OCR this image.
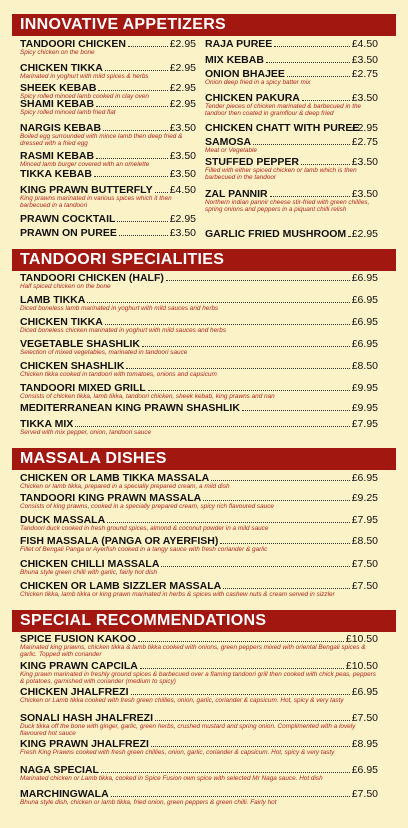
INNOVATIVE APPETIZERS
TANDOORI SPECIALITIES
MASSALA DISHES
SPECIAL RECOMMENDATIONS
TANDOORI CHICKEN	£2.95
Spicy chicken on the bone
CHICKEN TIKKA	£2.95
Marinated in yoghurt with mild spices & herbs
SHEEK KEBAB	£2.95
Spicy rolled minced lamb cooked in clay oven
SHAMI KEBAB	£2.95
Spicy rolled minced lamb fried flat
NARGIS KEBAB	£3.50
Boiled egg surrounded with mince lamb then deep fried & dressed with a fried egg
RASMI KEBAB	£3.50
Minced lamb burger covered with an omelette
TIKKA KEBAB	£3.50
KING PRAWN BUTTERFLY £4.50
King prawns marinated in various spices which it then barbecued in a tandoori
PRAWN COCKTAIL	£2.95
PRAWN ON PUREE	£3.50
RAJA PUREE	£4.50
MIX KEBAB	£3.50
ONION BHAJEE	£2.75
Onion deep fried in a spicy batter mix
CHICKEN PAKURA	£3.50
Tender pieces of chicken marinated & barbecued in the tandoor then coated in gramflour & deep fried
CHICKEN CHATT WITH PUREE
£2.95
SAMOSA	£2.75
Meat or Vegetable
STUFFED PEPPER	£3.50
Filled with either spiced chicken or lamb which is then barbecued in the tandoor
ZAL PANNIR	£3.50
Northern indian pannir cheese stir-fried with green chillies, spring onions and peppers in a piquant chilli relish
GARLIC FRIED MUSHROOM £2.95
TANDOORI CHICKEN (HALF)	£6.95
Half spiced chicken on the bone
LAMB TIKKA	£6.95
Diced boneless lamb marinated in yoghurt with mild sauces and herbs
CHICKEN TIKKA	£6.95
Diced boneless chicken marinated in yoghurt with mild sauces and herbs
VEGETABLE SHASHLIK	£6.95
Selection of mixed vegetables, marinated in tandoori sauce
CHICKEN SHASHLIK	£8.50
Chicken tikka cooked in tandoori with tomatoes, onions and capsicum
TANDOORI MIXED GRILL	£9.95
Consists of chicken tikka, lamb tikka, tandoori chicken, sheek kebab, king prawns and nan
MEDITERRANEAN KING PRAWN SHASHLIK	£9.95
TIKKA MIX	£7.95
Served with mix pepper, onion, tandoori sauce
CHICKEN OR LAMB TIKKA MASSALA	£6.95
Chicken or lamb tikka, prepared in a specially prepared cream, a mild dish
TANDOORI KING PRAWN MASSALA	£9.25
Consists of king prawns, cooked in a specially prepared cream, spicy rich flavoured sauce
DUCK MASSALA	£7.95
Tandoori duck cooked in fresh ground spices, almond & coconut powder in a mild sauce
FISH MASSALA (PANGA OR AYERFISH)	£8.50
Fillet of Bengali Panga or Ayerfish cooked in a tangy sauce with fresh coriander & garlic
CHICKEN CHILLI MASSALA	£7.50
Bhuna style green chilli with garlic, fairly hot dish
CHICKEN OR LAMB SIZZLER MASSALA	£7.50
Chicken tikka, lamb tikka or king prawn marinated in herbs & spices with cashew nuts & cream served in sizzler
SPICE FUSION KAKOO	£10.50
Marinated king prawns, chicken tikka & lamb tikka cooked with onions, green peppers mixed with oriental Bengali spices & garlic. Topped with coriander
KING PRAWN CAPCILA	£10.50
King prawn marinated in freshly ground spices & barbecued over a flaming tandoori grill then cooked with chick peas, peppers & potatoes, garnished with coriander (medium to spicy)
CHICKEN JHALFREZI	£6.95
Chicken or Lamb tikka cooked with fresh green chillies, onion, garlic, coriander & capsicum. Hot, spicy & very tasty
SONALI HASH JHALFREZI	£7.50
Duck tikka off the bone with ginger, garlic, green herbs, crushed mustard and spring onion. Complimented with a lovely flavoured hot sauce
KING PRAWN JHALFREZI	£8.95
Fresh King Prawns cooked with fresh green chillies, onion, garlic, coriander & capsicum. Hot, spicy & very tasty
NAGA SPECIAL	£6.95
Marinated chicken or Lamb tikka, cooked in Spice Fusion own spice with selected Mr Naga sauce. Hot dish
MARCHINGWALA	£7.50
Bhuna style dish, chicken or lamb tikka, fried onion, green peppers & green chilli. Fairly hot
